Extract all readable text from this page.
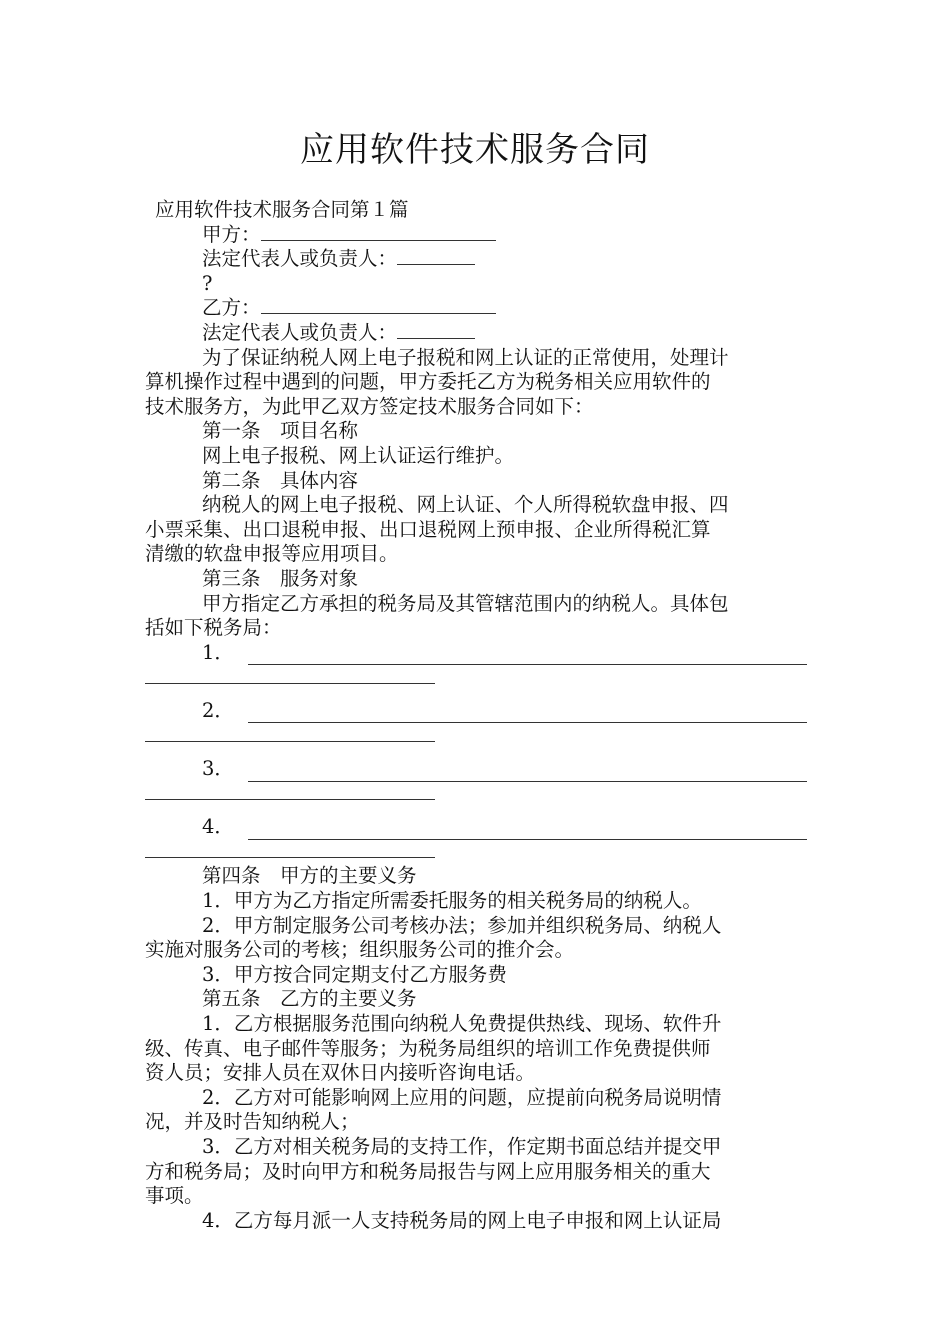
应用软件技术服务合同
应用软件技术服务合同第１篇
甲方：
法定代表人或负责人：
?
乙方：
法定代表人或负责人：
为了保证纳税人网上电子报税和网上认证的正常使用，处理计
算机操作过程中遇到的问题，甲方委托乙方为税务相关应用软件的
技术服务方，为此甲乙双方签定技术服务合同如下：
第一条　项目名称
网上电子报税、网上认证运行维护。
第二条　具体内容
纳税人的网上电子报税、网上认证、个人所得税软盘申报、四
小票采集、出口退税申报、出口退税网上预申报、企业所得税汇算
清缴的软盘申报等应用项目。
第三条　服务对象
甲方指定乙方承担的税务局及其管辖范围内的纳税人。具体包
括如下税务局：
1．
2．
3．
4．
第四条　甲方的主要义务
1．甲方为乙方指定所需委托服务的相关税务局的纳税人。
2．甲方制定服务公司考核办法；参加并组织税务局、纳税人
实施对服务公司的考核；组织服务公司的推介会。
3．甲方按合同定期支付乙方服务费
第五条　乙方的主要义务
1．乙方根据服务范围向纳税人免费提供热线、现场、软件升
级、传真、电子邮件等服务；为税务局组织的培训工作免费提供师
资人员；安排人员在双休日内接听咨询电话。
2．乙方对可能影响网上应用的问题，应提前向税务局说明情
况，并及时告知纳税人；
3．乙方对相关税务局的支持工作，作定期书面总结并提交甲
方和税务局；及时向甲方和税务局报告与网上应用服务相关的重大
事项。
4．乙方每月派一人支持税务局的网上电子申报和网上认证局
